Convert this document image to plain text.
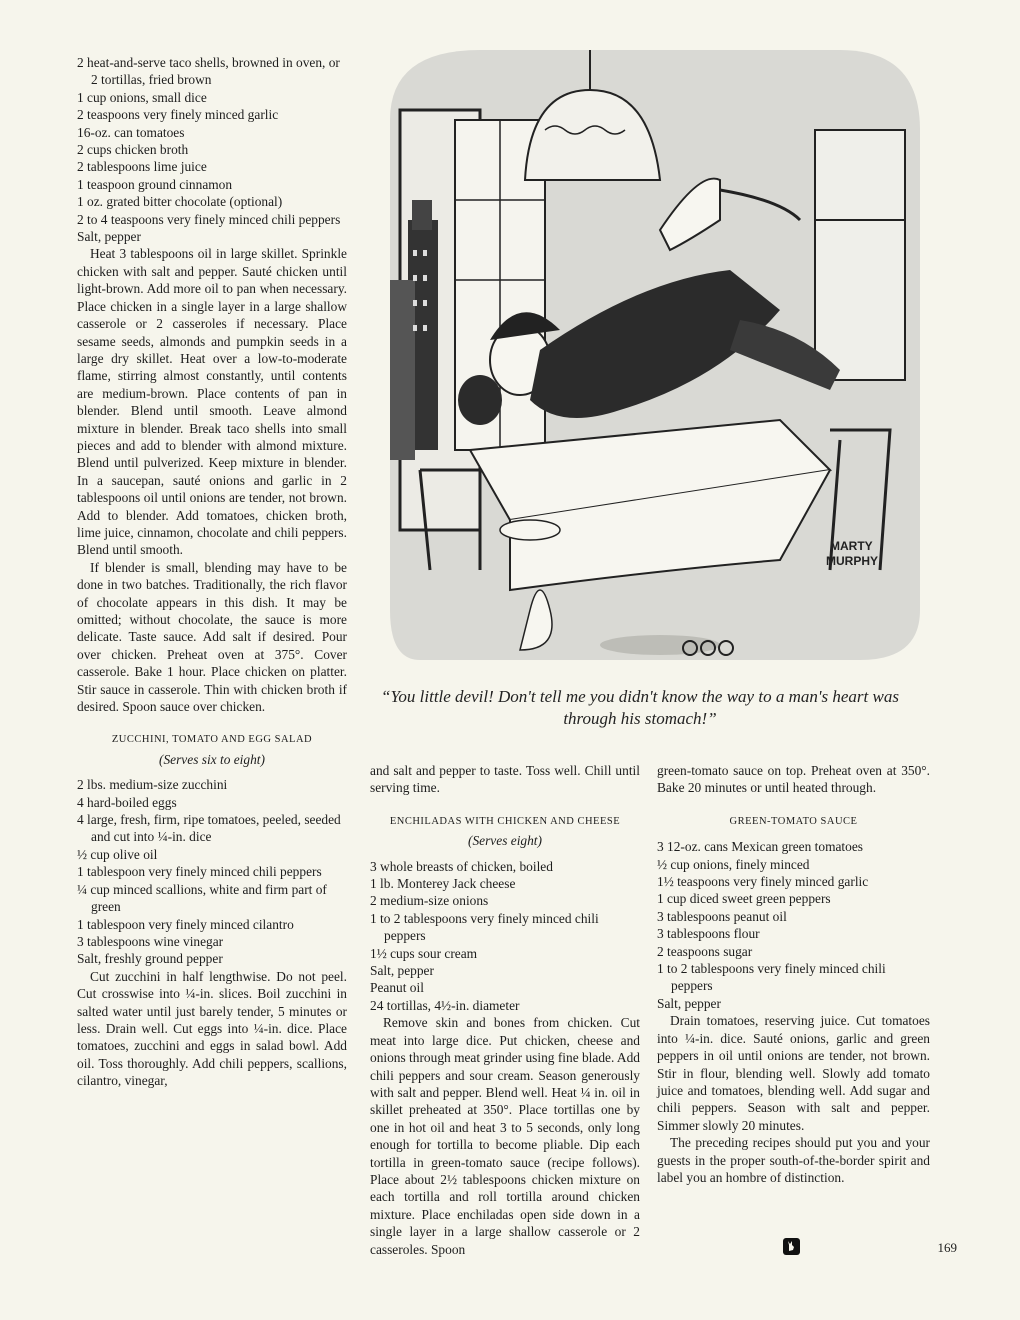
2 heat-and-serve taco shells, browned in oven, or 2 tortillas, fried brown

1 cup onions, small dice

2 teaspoons very finely minced garlic

16-oz. can tomatoes

2 cups chicken broth

2 tablespoons lime juice

1 teaspoon ground cinnamon

1 oz. grated bitter chocolate (optional)

2 to 4 teaspoons very finely minced chili peppers

Salt, pepper

Heat 3 tablespoons oil in large skillet. Sprinkle chicken with salt and pepper. Sauté chicken until light-brown. Add more oil to pan when necessary. Place chicken in a single layer in a large shallow casserole or 2 casseroles if necessary. Place sesame seeds, almonds and pumpkin seeds in a large dry skillet. Heat over a low-to-moderate flame, stirring almost constantly, until contents are medium-brown. Place contents of pan in blender. Blend until smooth. Leave almond mixture in blender. Break taco shells into small pieces and add to blender with almond mixture. Blend until pulverized. Keep mixture in blender. In a saucepan, sauté onions and garlic in 2 tablespoons oil until onions are tender, not brown. Add to blender. Add tomatoes, chicken broth, lime juice, cinnamon, chocolate and chili peppers. Blend until smooth.

If blender is small, blending may have to be done in two batches. Traditionally, the rich flavor of chocolate appears in this dish. It may be omitted; without chocolate, the sauce is more delicate. Taste sauce. Add salt if desired. Pour over chicken. Preheat oven at 375°. Cover casserole. Bake 1 hour. Place chicken on platter. Stir sauce in casserole. Thin with chicken broth if desired. Spoon sauce over chicken.

ZUCCHINI, TOMATO AND EGG SALAD
(Serves six to eight)

2 lbs. medium-size zucchini

4 hard-boiled eggs

4 large, fresh, firm, ripe tomatoes, peeled, seeded and cut into ¼-in. dice

½ cup olive oil

1 tablespoon very finely minced chili peppers

¼ cup minced scallions, white and firm part of green

1 tablespoon very finely minced cilantro

3 tablespoons wine vinegar

Salt, freshly ground pepper

Cut zucchini in half lengthwise. Do not peel. Cut crosswise into ¼-in. slices. Boil zucchini in salted water until just barely tender, 5 minutes or less. Drain well. Cut eggs into ¼-in. dice. Place tomatoes, zucchini and eggs in salad bowl. Add oil. Toss thoroughly. Add chili peppers, scallions, cilantro, vinegar,

MARTY
MURPHY
“You little devil! Don't tell me you didn't know the way to a man's heart was through his stomach!”

and salt and pepper to taste. Toss well. Chill until serving time.

ENCHILADAS WITH CHICKEN AND CHEESE
(Serves eight)

3 whole breasts of chicken, boiled

1 lb. Monterey Jack cheese

2 medium-size onions

1 to 2 tablespoons very finely minced chili peppers

1½ cups sour cream

Salt, pepper

Peanut oil

24 tortillas, 4½-in. diameter

Remove skin and bones from chicken. Cut meat into large dice. Put chicken, cheese and onions through meat grinder using fine blade. Add chili peppers and sour cream. Season generously with salt and pepper. Blend well. Heat ¼ in. oil in skillet preheated at 350°. Place tortillas one by one in hot oil and heat 3 to 5 seconds, only long enough for tortilla to become pliable. Dip each tortilla in green-tomato sauce (recipe follows). Place about 2½ tablespoons chicken mixture on each tortilla and roll tortilla around chicken mixture. Place enchiladas open side down in a single layer in a large shallow casserole or 2 casseroles. Spoon

green-tomato sauce on top. Preheat oven at 350°. Bake 20 minutes or until heated through.

GREEN-TOMATO SAUCE

3 12-oz. cans Mexican green tomatoes

½ cup onions, finely minced

1½ teaspoons very finely minced garlic

1 cup diced sweet green peppers

3 tablespoons peanut oil

3 tablespoons flour

2 teaspoons sugar

1 to 2 tablespoons very finely minced chili peppers

Salt, pepper

Drain tomatoes, reserving juice. Cut tomatoes into ¼-in. dice. Sauté onions, garlic and green peppers in oil until onions are tender, not brown. Stir in flour, blending well. Slowly add tomato juice and tomatoes, blending well. Add sugar and chili peppers. Season with salt and pepper. Simmer slowly 20 minutes.

The preceding recipes should put you and your guests in the proper south-of-the-border spirit and label you an hombre of distinction.

169
